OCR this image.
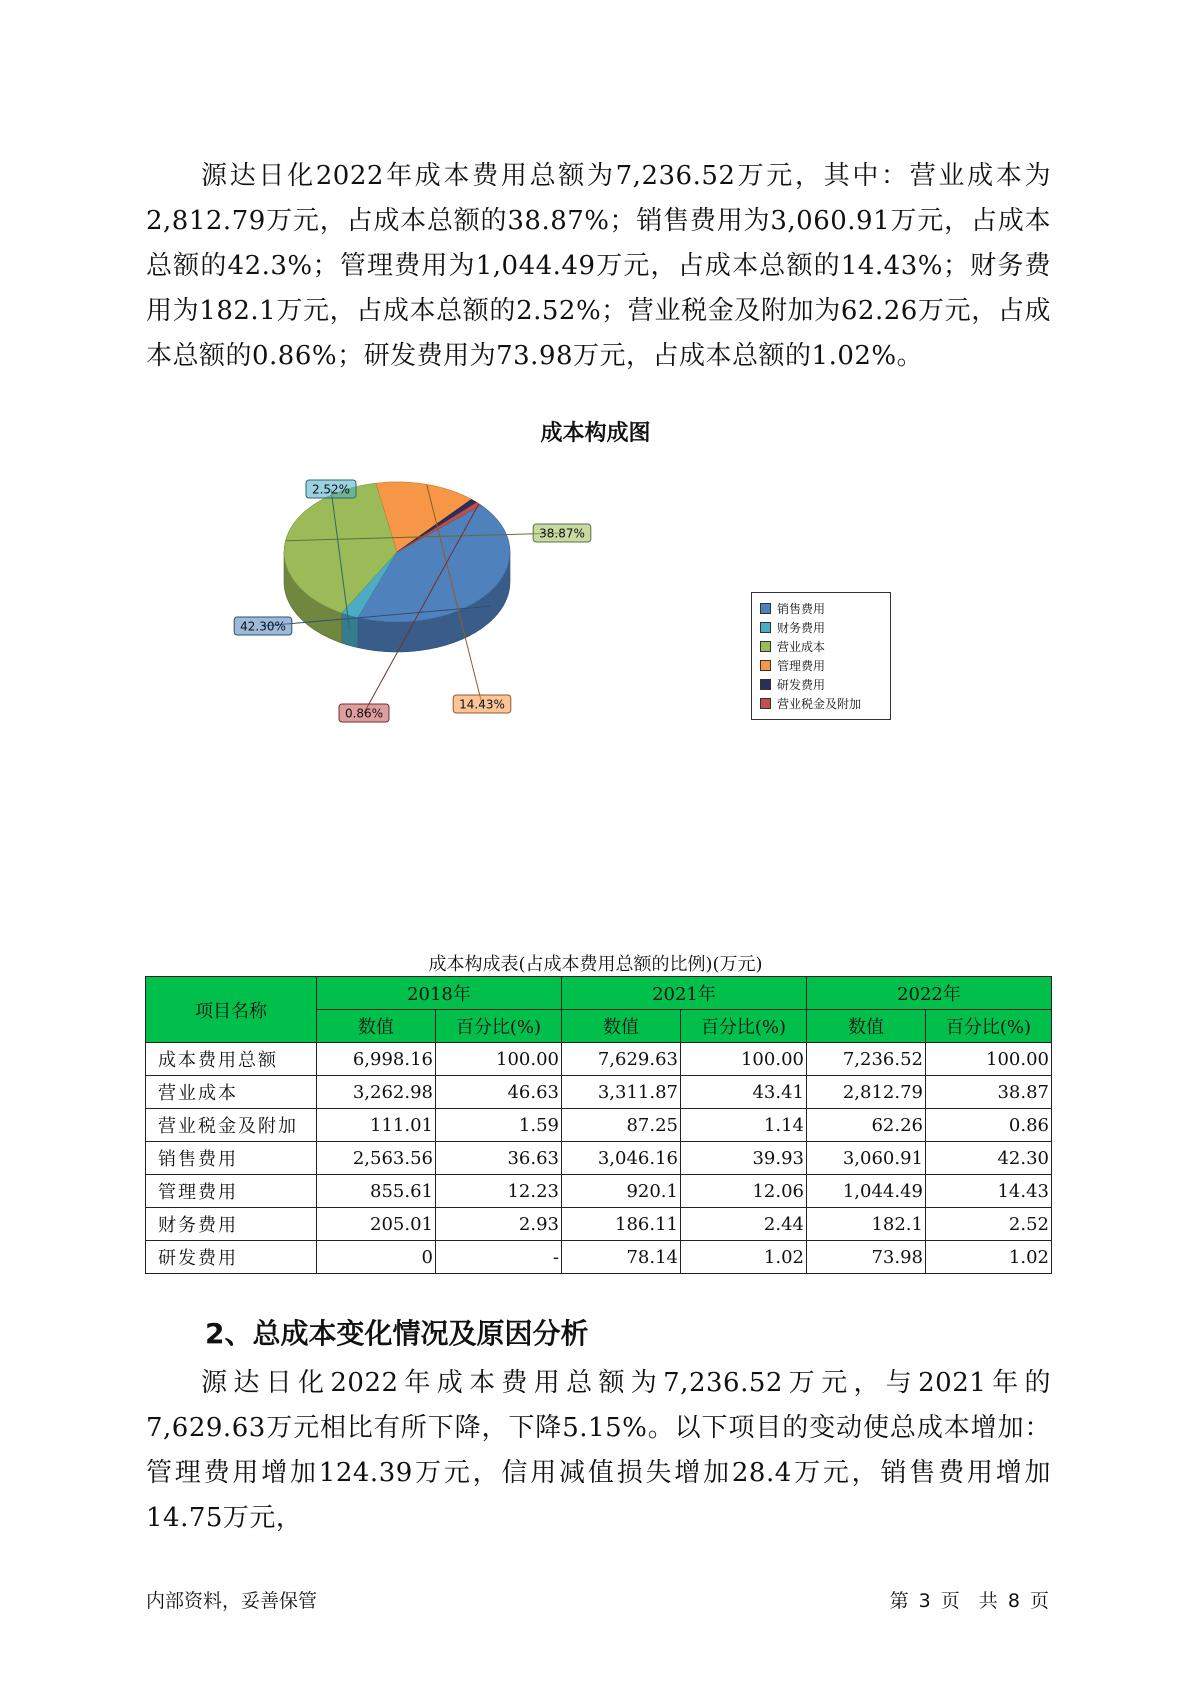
源达日化2022年成本费用总额为7,236.52万元，其中：营业成本为2,812.79万元，占成本总额的38.87%；销售费用为3,060.91万元，占成本总额的42.3%；管理费用为1,044.49万元，占成本总额的14.43%；财务费用为182.1万元，占成本总额的2.52%；营业税金及附加为62.26万元，占成本总额的0.86%；研发费用为73.98万元，占成本总额的1.02%。

成本构成图
42.30%
2.52%
38.87%
14.43%
0.86%
销售费用
财务费用
营业成本
管理费用
研发费用
营业税金及附加
成本构成表(占成本费用总额的比例)(万元)
项目名称	2018年		2021年		2022年	
	数值	百分比(%)	数值	百分比(%)	数值	百分比(%)
成本费用总额	6,998.16	100.00	7,629.63	100.00	7,236.52	100.00
营业成本	3,262.98	46.63	3,311.87	43.41	2,812.79	38.87
营业税金及附加	111.01	1.59	87.25	1.14	62.26	0.86
销售费用	2,563.56	36.63	3,046.16	39.93	3,060.91	42.30
管理费用	855.61	12.23	920.1	12.06	1,044.49	14.43
财务费用	205.01	2.93	186.11	2.44	182.1	2.52
研发费用	0	-	78.14	1.02	73.98	1.02
2、总成本变化情况及原因分析

源达日化2022年成本费用总额为7,236.52万元，与2021年的7,629.63万元相比有所下降，下降5.15%。以下项目的变动使总成本增加：管理费用增加124.39万元，信用减值损失增加28.4万元，销售费用增加14.75万元，

内部资料，妥善保管	第 3 页　共 8 页
